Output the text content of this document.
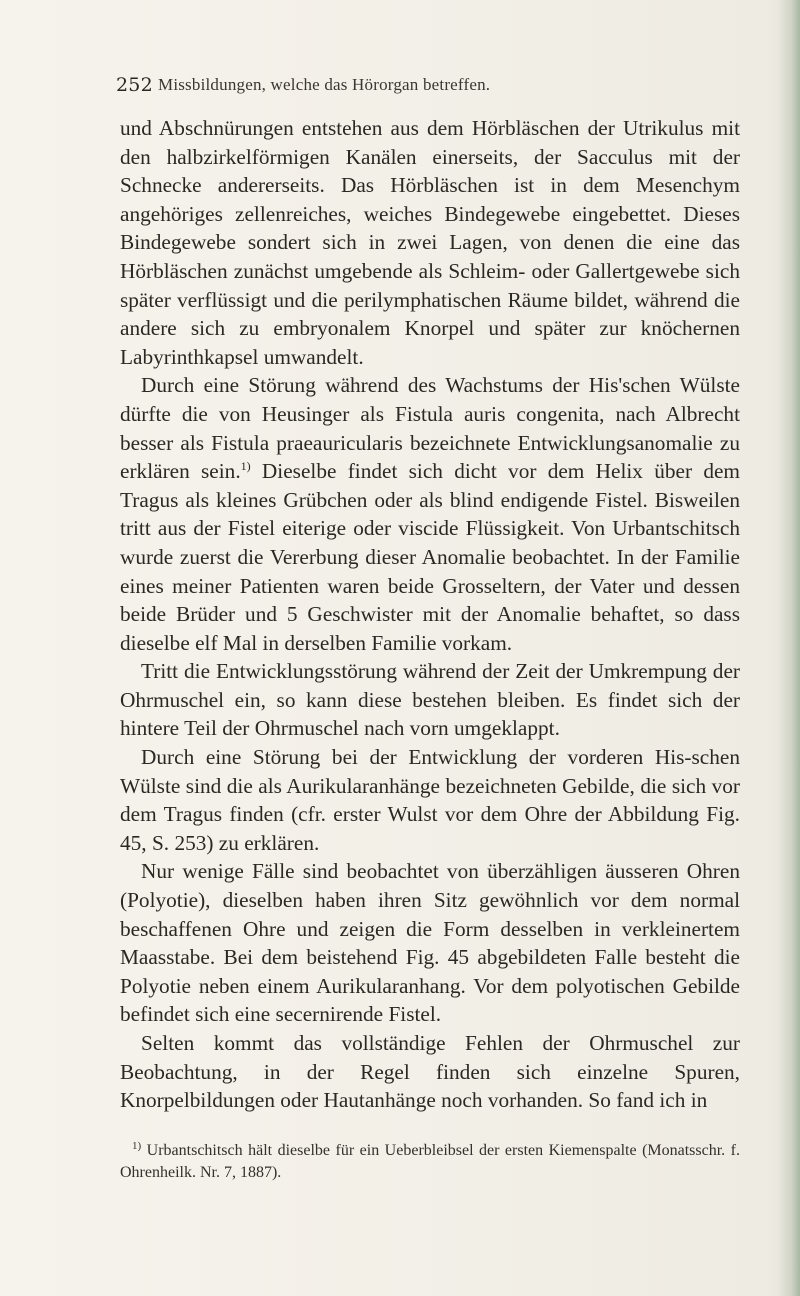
252 Missbildungen, welche das Hörorgan betreffen.

und Abschnürungen entstehen aus dem Hörbläschen der Utrikulus mit den halbzirkelförmigen Kanälen einerseits, der Sacculus mit der Schnecke andererseits. Das Hörbläschen ist in dem Mesenchym angehöriges zellenreiches, weiches Bindegewebe eingebettet. Dieses Bindegewebe sondert sich in zwei Lagen, von denen die eine das Hörbläschen zunächst umgebende als Schleim- oder Gallertgewebe sich später verflüssigt und die perilymphatischen Räume bildet, während die andere sich zu embryonalem Knorpel und später zur knöchernen Labyrinthkapsel umwandelt.

Durch eine Störung während des Wachstums der His'schen Wülste dürfte die von Heusinger als Fistula auris congenita, nach Albrecht besser als Fistula praeauricularis bezeichnete Entwicklungsanomalie zu erklären sein.$^{1)}$ Dieselbe findet sich dicht vor dem Helix über dem Tragus als kleines Grübchen oder als blind endigende Fistel. Bisweilen tritt aus der Fistel eiterige oder viscide Flüssigkeit. Von Urbantschitsch wurde zuerst die Vererbung dieser Anomalie beobachtet. In der Familie eines meiner Patienten waren beide Grosseltern, der Vater und dessen beide Brüder und 5 Geschwister mit der Anomalie behaftet, so dass dieselbe elf Mal in derselben Familie vorkam.

Tritt die Entwicklungsstörung während der Zeit der Umkrempung der Ohrmuschel ein, so kann diese bestehen bleiben. Es findet sich der hintere Teil der Ohrmuschel nach vorn umgeklappt.

Durch eine Störung bei der Entwicklung der vorderen His-schen Wülste sind die als Aurikularanhänge bezeichneten Gebilde, die sich vor dem Tragus finden (cfr. erster Wulst vor dem Ohre der Abbildung Fig. 45, S. 253) zu erklären.

Nur wenige Fälle sind beobachtet von überzähligen äusseren Ohren (Polyotie), dieselben haben ihren Sitz gewöhnlich vor dem normal beschaffenen Ohre und zeigen die Form desselben in verkleinertem Maasstabe. Bei dem beistehend Fig. 45 abgebildeten Falle besteht die Polyotie neben einem Aurikularanhang. Vor dem polyotischen Gebilde befindet sich eine secernirende Fistel.

Selten kommt das vollständige Fehlen der Ohrmuschel zur Beobachtung, in der Regel finden sich einzelne Spuren, Knorpelbildungen oder Hautanhänge noch vorhanden. So fand ich in

$^{1)}$ Urbantschitsch hält dieselbe für ein Ueberbleibsel der ersten Kiemenspalte (Monatsschr. f. Ohrenheilk. Nr. 7, 1887).
